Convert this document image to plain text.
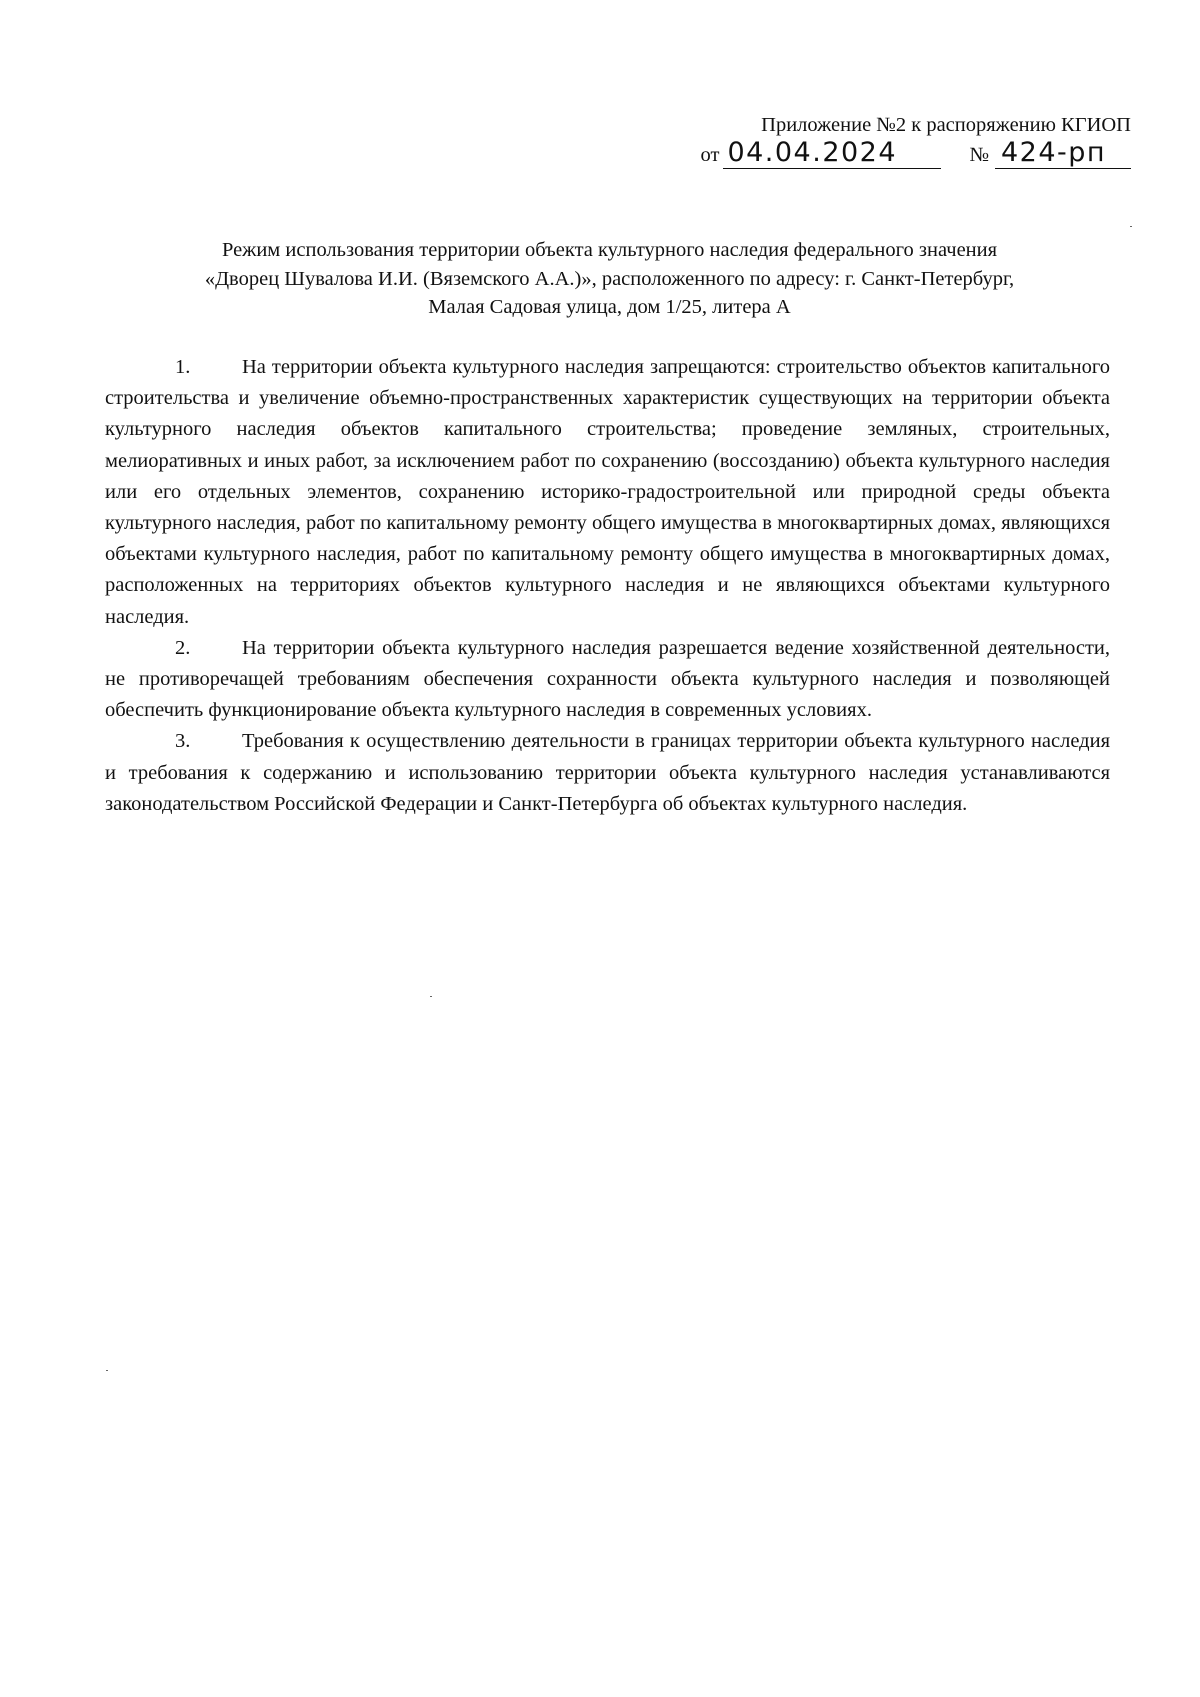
Приложение №2 к распоряжению КГИОП
от 04.04.2024	№ 424-рп
Режим использования территории объекта культурного наследия федерального значения
«Дворец Шувалова И.И. (Вяземского А.А.)», расположенного по адресу: г. Санкт-Петербург,
Малая Садовая улица, дом 1/25, литера А

1.	На территории объекта культурного наследия запрещаются: строительство объектов капитального строительства и увеличение объемно-пространственных характеристик существующих на территории объекта культурного наследия объектов капитального строительства; проведение земляных, строительных, мелиоративных и иных работ, за исключением работ по сохранению (воссозданию) объекта культурного наследия или его отдельных элементов, сохранению историко-градостроительной или природной среды объекта культурного наследия, работ по капитальному ремонту общего имущества в многоквартирных домах, являющихся объектами культурного наследия, работ по капитальному ремонту общего имущества в многоквартирных домах, расположенных на территориях объектов культурного наследия и не являющихся объектами культурного наследия.

2.	На территории объекта культурного наследия разрешается ведение хозяйственной деятельности, не противоречащей требованиям обеспечения сохранности объекта культурного наследия и позволяющей обеспечить функционирование объекта культурного наследия в современных условиях.

3.	Требования к осуществлению деятельности в границах территории объекта культурного наследия и требования к содержанию и использованию территории объекта культурного наследия устанавливаются законодательством Российской Федерации и Санкт-Петербурга об объектах культурного наследия.
